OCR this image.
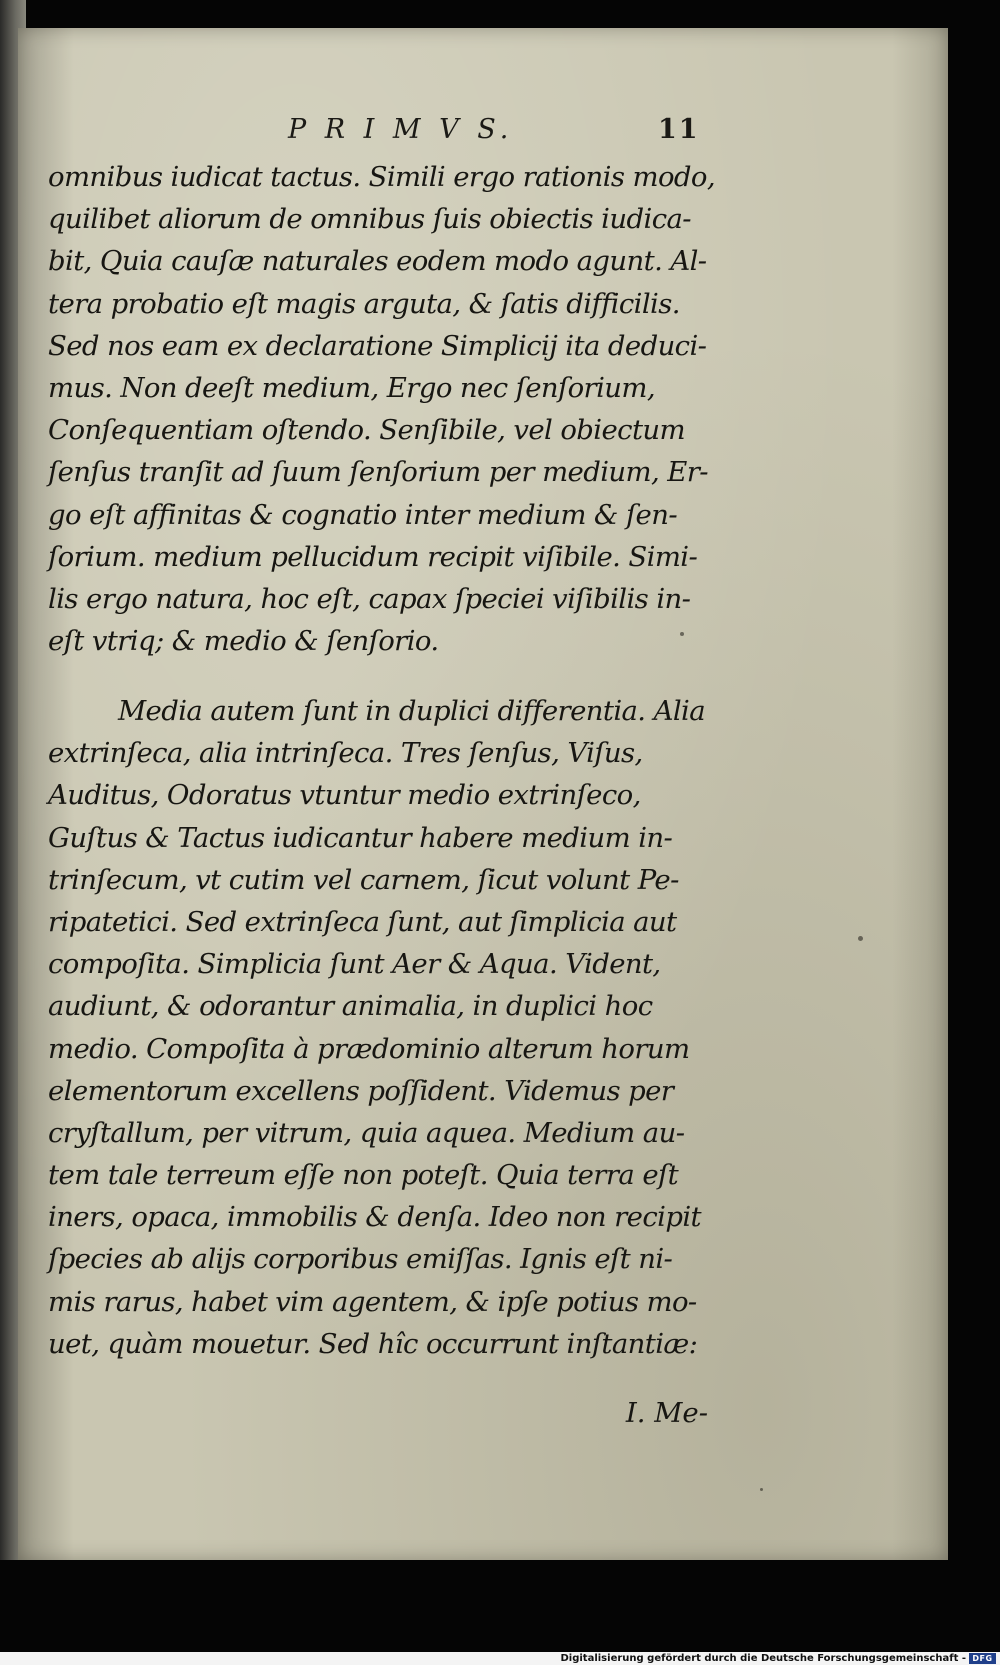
P R I M V S.	11
omnibus iudicat tactus. Simili ergo rationis modo,
quilibet aliorum de omnibus ſuis obiectis iudica-
bit, Quia cauſæ naturales eodem modo agunt. Al-
tera probatio eſt magis arguta, & ſatis difficilis.
Sed nos eam ex declaratione Simplicij ita deduci-
mus. Non deeſt medium, Ergo nec ſenſorium,
Conſequentiam oſtendo. Senſibile, vel obiectum
ſenſus tranſit ad ſuum ſenſorium per medium, Er-
go eſt affinitas & cognatio inter medium & ſen-
ſorium. medium pellucidum recipit viſibile. Simi-
lis ergo natura, hoc eſt, capax ſpeciei viſibilis in-
eſt vtriq; & medio & ſenſorio.
Media autem ſunt in duplici differentia. Alia
extrinſeca, alia intrinſeca. Tres ſenſus, Viſus,
Auditus, Odoratus vtuntur medio extrinſeco,
Guſtus & Tactus iudicantur habere medium in-
trinſecum, vt cutim vel carnem, ſicut volunt Pe-
ripatetici. Sed extrinſeca ſunt, aut ſimplicia aut
compoſita. Simplicia ſunt Aer & Aqua. Vident,
audiunt, & odorantur animalia, in duplici hoc
medio. Compoſita à prædominio alterum horum
elementorum excellens poſſident. Videmus per
cryſtallum, per vitrum, quia aquea. Medium au-
tem tale terreum eſſe non poteſt. Quia terra eſt
iners, opaca, immobilis & denſa. Ideo non recipit
ſpecies ab alijs corporibus emiſſas. Ignis eſt ni-
mis rarus, habet vim agentem, & ipſe potius mo-
uet, quàm mouetur. Sed hîc occurrunt inſtantiæ:
I. Me-
Digitalisierung gefördert durch die Deutsche Forschungsgemeinschaft - DFG
